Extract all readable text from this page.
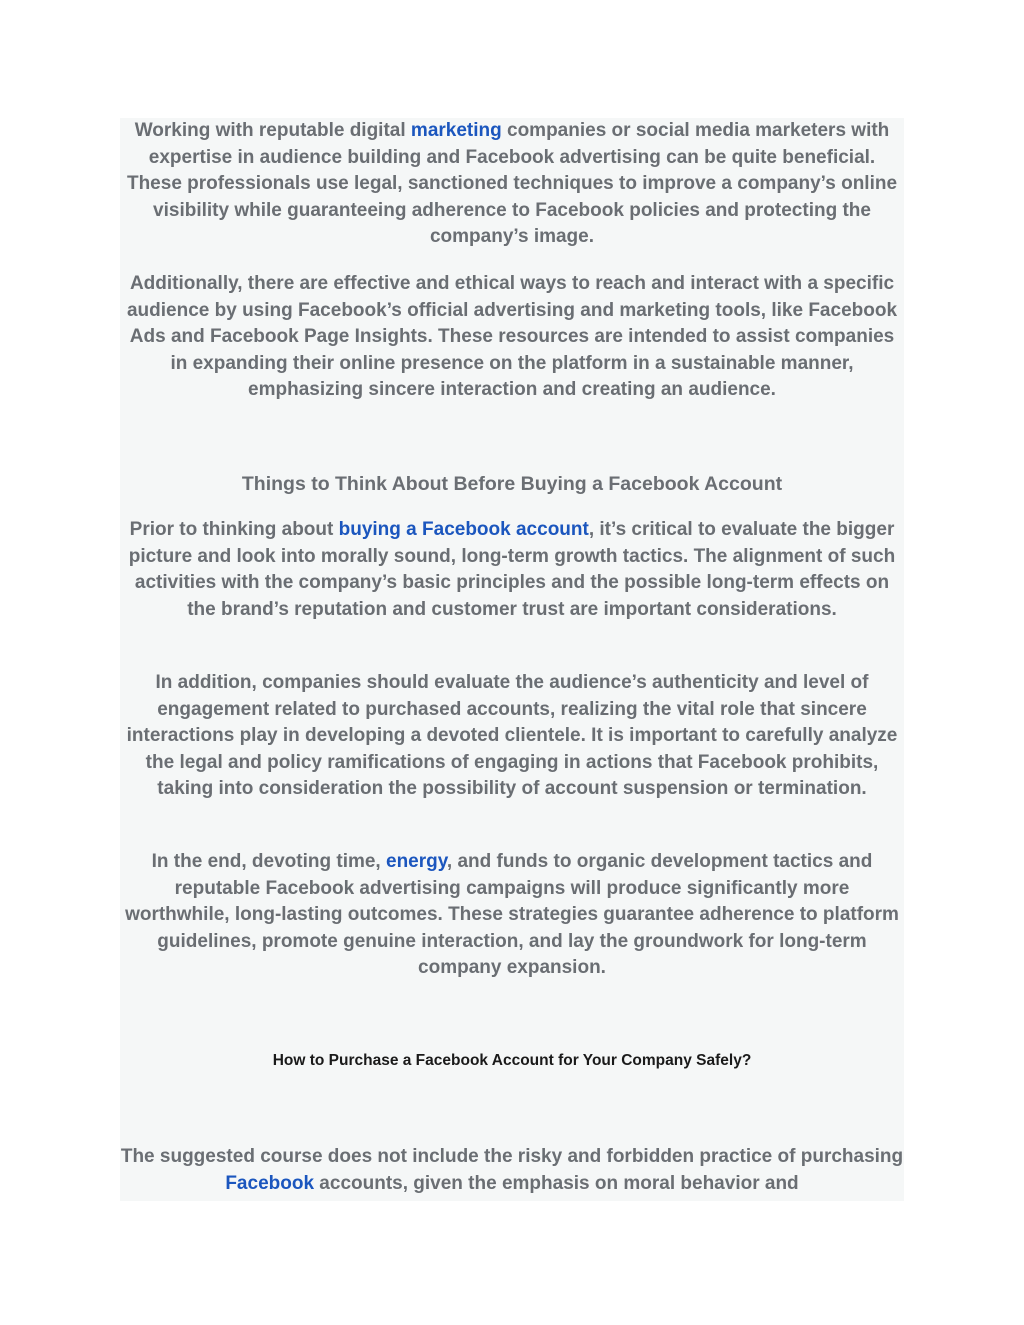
Working with reputable digital marketing companies or social media marketers with expertise in audience building and Facebook advertising can be quite beneficial. These professionals use legal, sanctioned techniques to improve a company’s online visibility while guaranteeing adherence to Facebook policies and protecting the company’s image.

Additionally, there are effective and ethical ways to reach and interact with a specific audience by using Facebook’s official advertising and marketing tools, like Facebook Ads and Facebook Page Insights. These resources are intended to assist companies in expanding their online presence on the platform in a sustainable manner, emphasizing sincere interaction and creating an audience.

Things to Think About Before Buying a Facebook Account

Prior to thinking about buying a Facebook account, it’s critical to evaluate the bigger picture and look into morally sound, long-term growth tactics. The alignment of such activities with the company’s basic principles and the possible long-term effects on the brand’s reputation and customer trust are important considerations.

In addition, companies should evaluate the audience’s authenticity and level of engagement related to purchased accounts, realizing the vital role that sincere interactions play in developing a devoted clientele. It is important to carefully analyze the legal and policy ramifications of engaging in actions that Facebook prohibits, taking into consideration the possibility of account suspension or termination.

In the end, devoting time, energy, and funds to organic development tactics and reputable Facebook advertising campaigns will produce significantly more worthwhile, long-lasting outcomes. These strategies guarantee adherence to platform guidelines, promote genuine interaction, and lay the groundwork for long-term company expansion.

How to Purchase a Facebook Account for Your Company Safely?

The suggested course does not include the risky and forbidden practice of purchasing Facebook accounts, given the emphasis on moral behavior and
